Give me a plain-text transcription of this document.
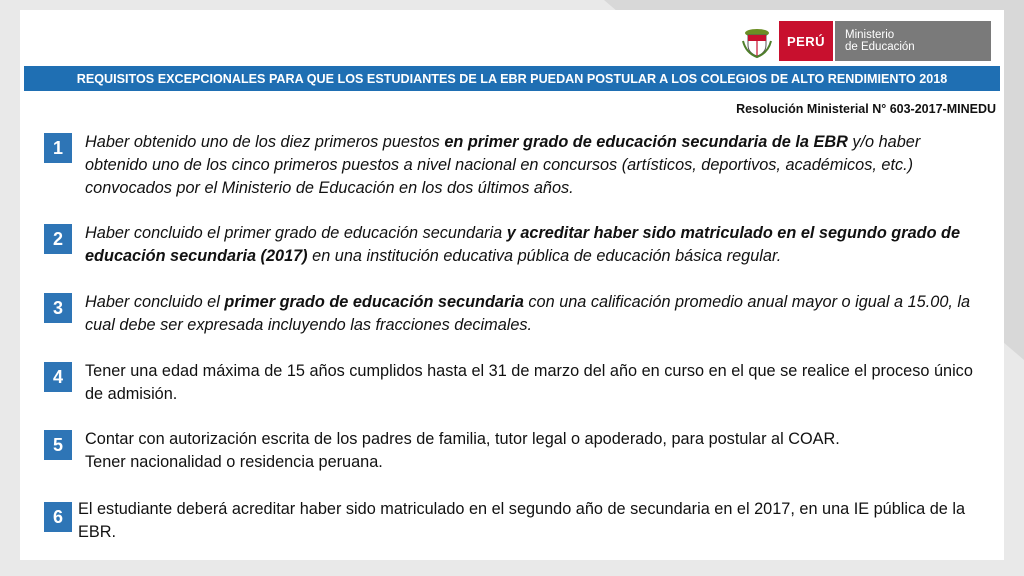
PERÚ	Ministerio
de Educación
REQUISITOS EXCEPCIONALES PARA QUE LOS ESTUDIANTES DE LA EBR PUEDAN POSTULAR A LOS COLEGIOS DE ALTO RENDIMIENTO 2018
Resolución Ministerial N° 603-2017-MINEDU
1	Haber obtenido uno de los diez primeros puestos en primer grado de educación secundaria de la EBR y/o haber obtenido uno de los cinco primeros puestos a nivel nacional en concursos (artísticos, deportivos, académicos, etc.) convocados por el Ministerio de Educación en los dos últimos años.
2	Haber concluido el primer grado de educación secundaria y acreditar haber sido matriculado en el segundo grado de educación secundaria (2017) en una institución educativa pública de educación básica regular.
3	Haber concluido el primer grado de educación secundaria con una calificación promedio anual mayor o igual a 15.00, la cual debe ser expresada incluyendo las fracciones decimales.
4	Tener una edad máxima de 15 años cumplidos hasta el 31 de marzo del año en curso en el que se realice el proceso único de admisión.
5	Contar con autorización escrita de los padres de familia, tutor legal o apoderado, para postular al COAR.
Tener nacionalidad o residencia peruana.
6 El estudiante deberá acreditar haber sido matriculado en el segundo año de secundaria en el 2017, en una IE pública de la EBR.
